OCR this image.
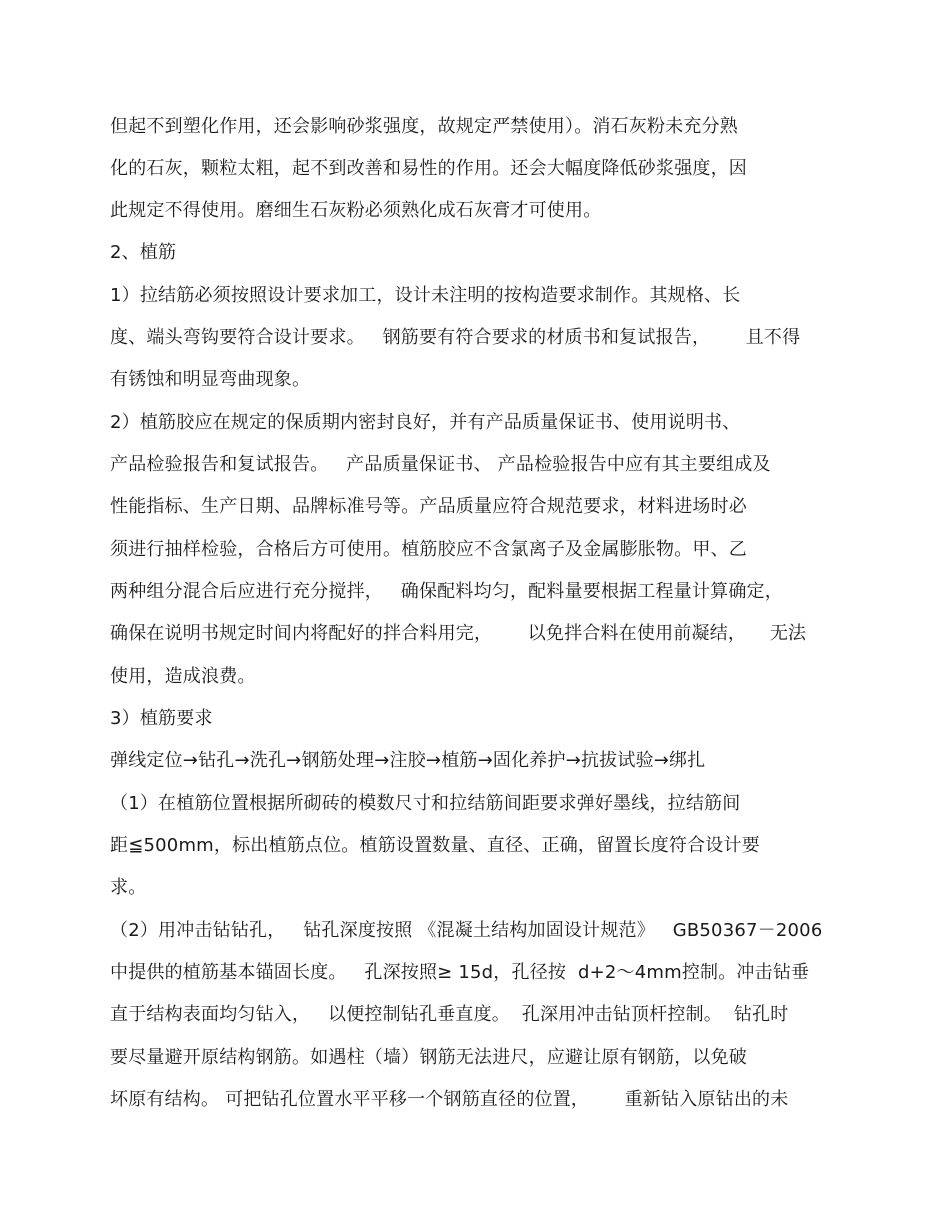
但起不到塑化作用，还会影响砂浆强度，故规定严禁使用）。消石灰粉未充分熟
化的石灰，颗粒太粗，起不到改善和易性的作用。还会大幅度降低砂浆强度，因
此规定不得使用。磨细生石灰粉必须熟化成石灰膏才可使用。
2、植筋
1）拉结筋必须按照设计要求加工，设计未注明的按构造要求制作。其规格、长
度、端头弯钩要符合设计要求。   钢筋要有符合要求的材质书和复试报告，      且不得
有锈蚀和明显弯曲现象。
2）植筋胶应在规定的保质期内密封良好，并有产品质量保证书、使用说明书、
产品检验报告和复试报告。   产品质量保证书、 产品检验报告中应有其主要组成及
性能指标、生产日期、品牌标准号等。产品质量应符合规范要求，材料进场时必
须进行抽样检验，合格后方可使用。植筋胶应不含氯离子及金属膨胀物。甲、乙
两种组分混合后应进行充分搅拌，   确保配料均匀，配料量要根据工程量计算确定，
确保在说明书规定时间内将配好的拌合料用完，      以免拌合料在使用前凝结，    无法
使用，造成浪费。
3）植筋要求
弹线定位→钻孔→洗孔→钢筋处理→注胶→植筋→固化养护→抗拔试验→绑扎
（1）在植筋位置根据所砌砖的模数尺寸和拉结筋间距要求弹好墨线，拉结筋间
距≦500mm，标出植筋点位。植筋设置数量、直径、正确，留置长度符合设计要
求。
（2）用冲击钻钻孔，   钻孔深度按照 《混凝土结构加固设计规范》   GB50367－2006
中提供的植筋基本锚固长度。   孔深按照≥ 15d，孔径按  d+2～4mm控制。冲击钻垂
直于结构表面均匀钻入，   以便控制钻孔垂直度。  孔深用冲击钻顶杆控制。  钻孔时
要尽量避开原结构钢筋。如遇柱（墙）钢筋无法进尺，应避让原有钢筋，以免破
坏原有结构。 可把钻孔位置水平平移一个钢筋直径的位置，      重新钻入原钻出的未
